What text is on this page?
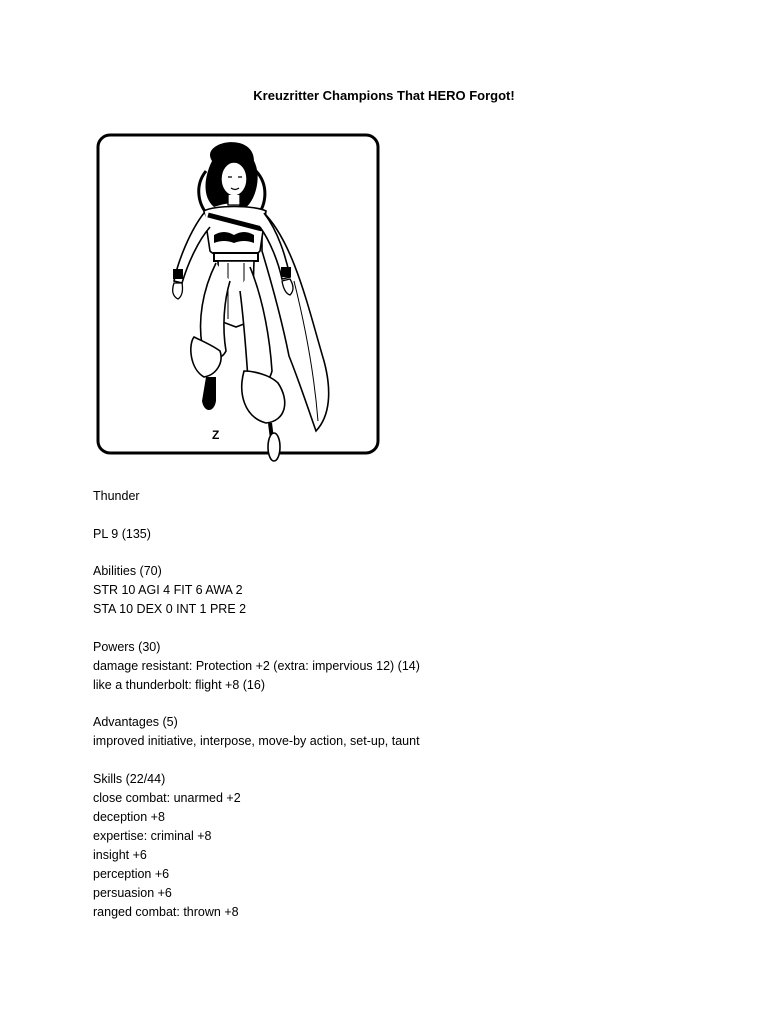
Kreuzritter Champions That HERO Forgot!
Z
Thunder
PL 9 (135)
Abilities (70)
STR 10 AGI 4 FIT 6 AWA 2
STA 10 DEX 0 INT 1 PRE 2
Powers (30)
damage resistant: Protection +2 (extra: impervious 12) (14)
like a thunderbolt: flight +8 (16)
Advantages (5)
improved initiative, interpose, move-by action, set-up, taunt
Skills (22/44)
close combat: unarmed +2
deception +8
expertise: criminal +8
insight +6
perception +6
persuasion +6
ranged combat: thrown +8
